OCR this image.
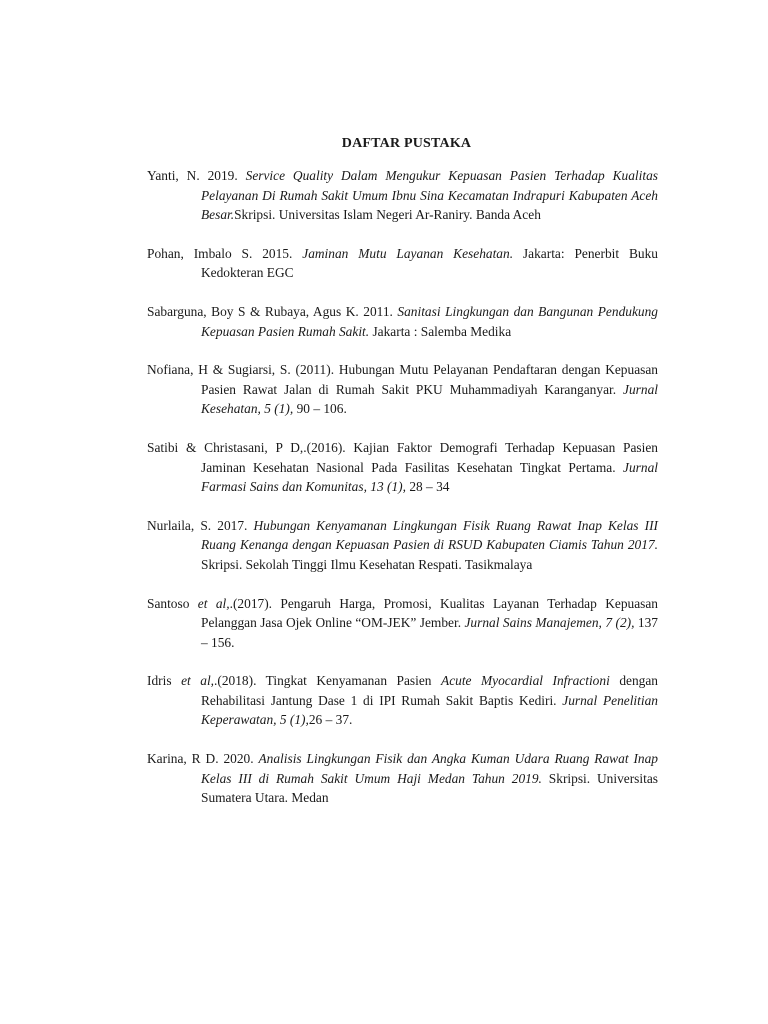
DAFTAR PUSTAKA

Yanti, N. 2019. Service Quality Dalam Mengukur Kepuasan Pasien Terhadap Kualitas Pelayanan Di Rumah Sakit Umum Ibnu Sina Kecamatan Indrapuri Kabupaten Aceh Besar.Skripsi. Universitas Islam Negeri Ar-Raniry. Banda Aceh

Pohan, Imbalo S. 2015. Jaminan Mutu Layanan Kesehatan. Jakarta: Penerbit Buku Kedokteran EGC

Sabarguna, Boy S & Rubaya, Agus K. 2011. Sanitasi Lingkungan dan Bangunan Pendukung Kepuasan Pasien Rumah Sakit. Jakarta : Salemba Medika

Nofiana, H & Sugiarsi, S. (2011). Hubungan Mutu Pelayanan Pendaftaran dengan Kepuasan Pasien Rawat Jalan di Rumah Sakit PKU Muhammadiyah Karanganyar. Jurnal Kesehatan, 5 (1), 90 – 106.

Satibi & Christasani, P D,.(2016). Kajian Faktor Demografi Terhadap Kepuasan Pasien Jaminan Kesehatan Nasional Pada Fasilitas Kesehatan Tingkat Pertama. Jurnal Farmasi Sains dan Komunitas, 13 (1), 28 – 34

Nurlaila, S. 2017. Hubungan Kenyamanan Lingkungan Fisik Ruang Rawat Inap Kelas III Ruang Kenanga dengan Kepuasan Pasien di RSUD Kabupaten Ciamis Tahun 2017. Skripsi. Sekolah Tinggi Ilmu Kesehatan Respati. Tasikmalaya

Santoso et al,.(2017). Pengaruh Harga, Promosi, Kualitas Layanan Terhadap Kepuasan Pelanggan Jasa Ojek Online “OM-JEK” Jember. Jurnal Sains Manajemen, 7 (2), 137 – 156.

Idris et al,.(2018). Tingkat Kenyamanan Pasien Acute Myocardial Infractioni dengan Rehabilitasi Jantung Dase 1 di IPI Rumah Sakit Baptis Kediri. Jurnal Penelitian Keperawatan, 5 (1),26 – 37.

Karina, R D. 2020. Analisis Lingkungan Fisik dan Angka Kuman Udara Ruang Rawat Inap Kelas III di Rumah Sakit Umum Haji Medan Tahun 2019. Skripsi. Universitas Sumatera Utara. Medan
